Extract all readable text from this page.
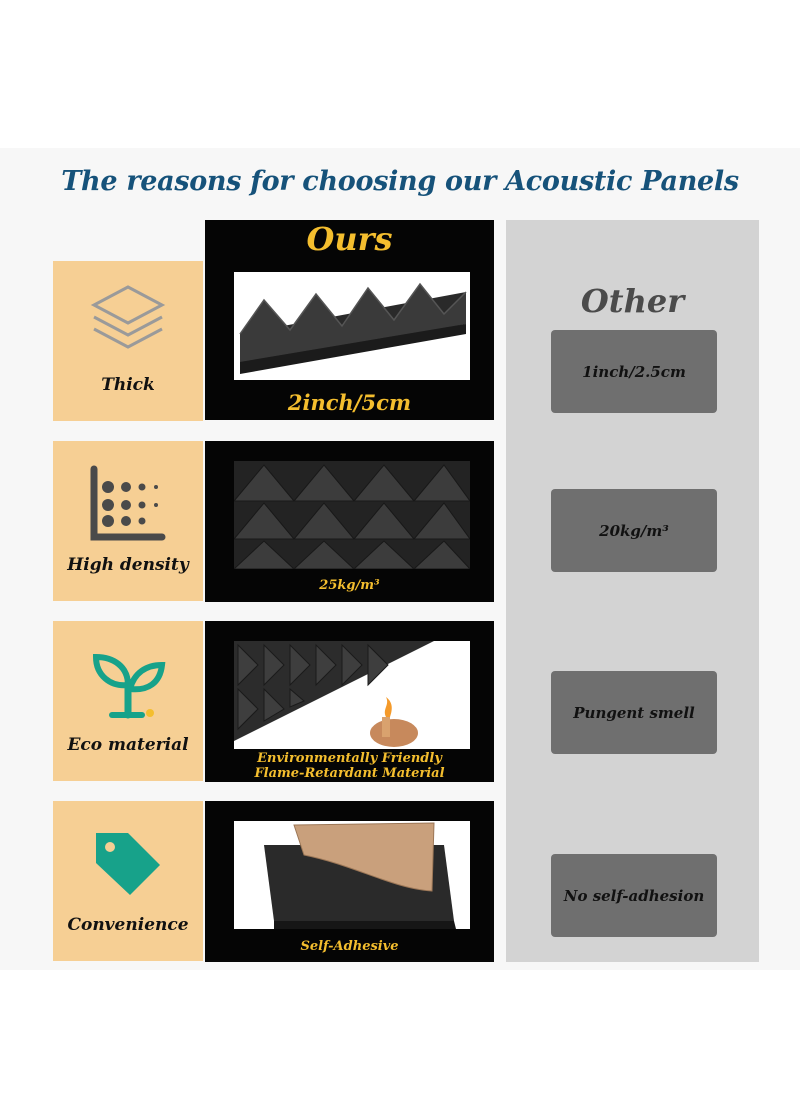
The reasons for choosing our Acoustic Panels
Other
Thick
2inch/5cm
Ours
1inch/2.5cm
High density
25kg/m³
20kg/m³
Eco material
Environmentally Friendly
Flame-Retardant Material
Pungent smell
Convenience
Self-Adhesive
No self-adhesion
